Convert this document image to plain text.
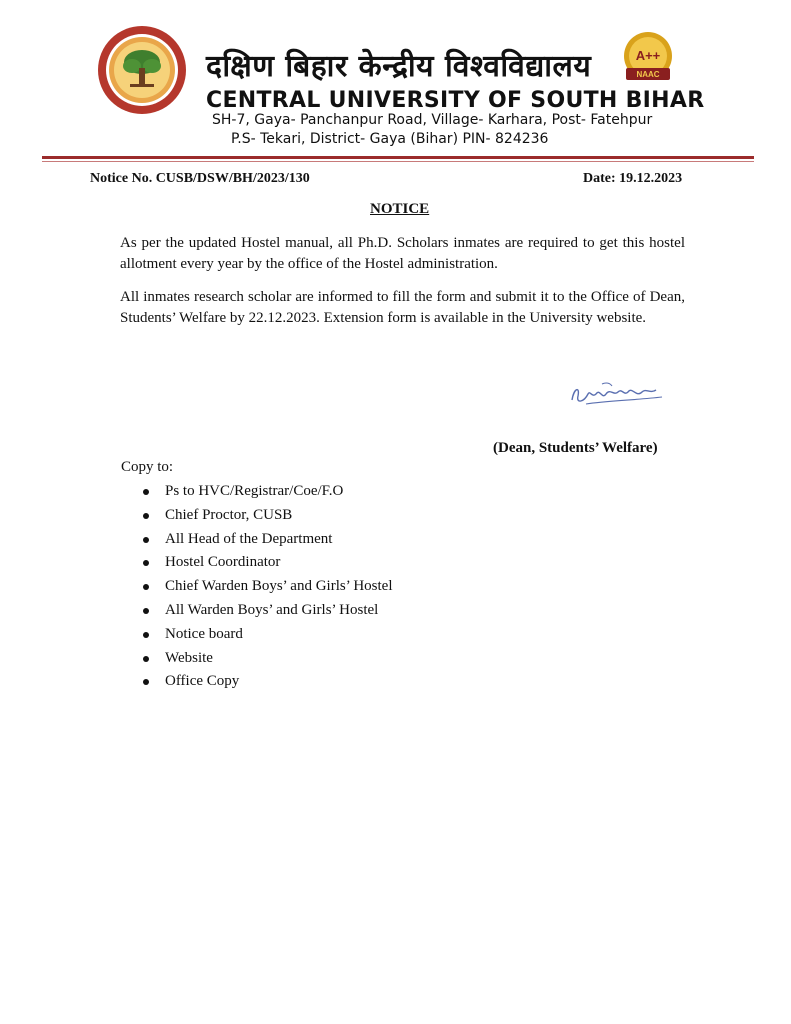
A++
NAAC
दक्षिण बिहार केन्द्रीय विश्वविद्यालय
CENTRAL UNIVERSITY OF SOUTH BIHAR
SH-7, Gaya- Panchanpur Road, Village- Karhara, Post- Fatehpur
P.S- Tekari, District- Gaya (Bihar) PIN- 824236
Notice No. CUSB/DSW/BH/2023/130	Date: 19.12.2023
NOTICE

As per the updated Hostel manual, all Ph.D. Scholars inmates are required to get this hostel allotment every year by the office of the Hostel administration.

All inmates research scholar are informed to fill the form and submit it to the Office of Dean, Students’ Welfare by 22.12.2023. Extension form is available in the University website.

(Dean, Students’ Welfare)
Copy to:
Ps to HVC/Registrar/Coe/F.O
Chief Proctor, CUSB
All Head of the Department
Hostel Coordinator
Chief Warden Boys’ and Girls’ Hostel
All Warden Boys’ and Girls’ Hostel
Notice board
Website
Office Copy
